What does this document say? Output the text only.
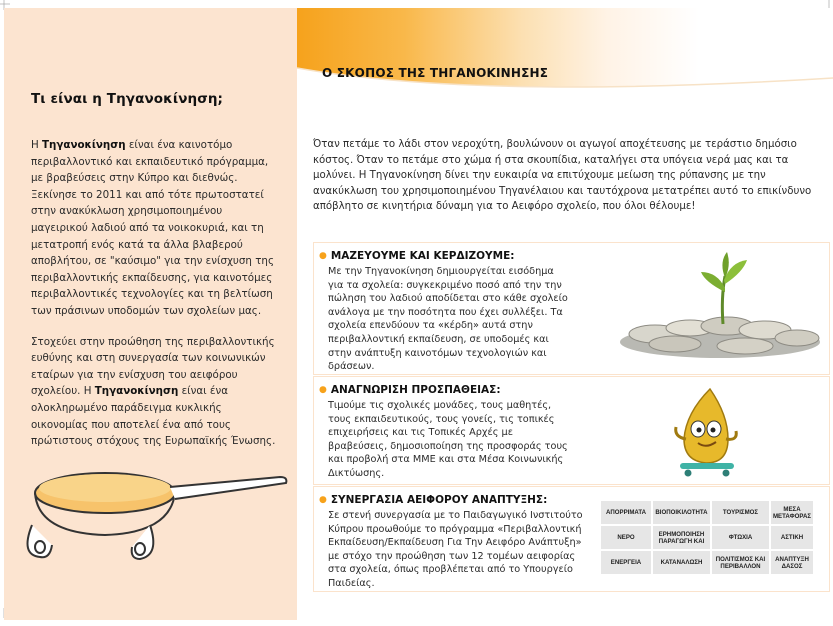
Τι είναι η Τηγανοκίνηση;

Η Τηγανοκίνηση είναι ένα καινοτόμο περιβαλλοντικό και εκπαιδευτικό πρόγραμμα, με βραβεύσεις στην Κύπρο και διεθνώς. Ξεκίνησε το 2011 και από τότε πρωτοστατεί στην ανακύκλωση χρησιμοποιημένου μαγειρικού λαδιού από τα νοικοκυριά, και τη μετατροπή ενός κατά τα άλλα βλαβερού αποβλήτου, σε "καύσιμο" για την ενίσχυση της περιβαλλοντικής εκπαίδευσης, για καινοτόμες περιβαλλοντικές τεχνολογίες και τη βελτίωση των πράσινων υποδομών των σχολείων μας.

Στοχεύει στην προώθηση της περιβαλλοντικής ευθύνης και στη συνεργασία των κοινωνικών εταίρων για την ενίσχυση του αειφόρου σχολείου. Η Τηγανοκίνηση είναι ένα ολοκληρωμένο παράδειγμα κυκλικής οικονομίας που αποτελεί ένα από τους πρώτιστους στόχους της Ευρωπαϊκής Ένωσης.

Ο ΣΚΟΠΟΣ ΤΗΣ ΤΗΓΑΝΟΚΙΝΗΣΗΣ
Όταν πετάμε το λάδι στον νεροχύτη, βουλώνουν οι αγωγοί αποχέτευσης με τεράστιο δημόσιο κόστος. Όταν το πετάμε στο χώμα ή στα σκουπίδια, καταλήγει στα υπόγεια νερά μας και τα μολύνει. Η Τηγανοκίνηση δίνει την ευκαιρία να επιτύχουμε μείωση της ρύπανσης με την ανακύκλωση του χρησιμοποιημένου Τηγανέλαιου και ταυτόχρονα μετατρέπει αυτό το επικίνδυνο απόβλητο σε κινητήρια δύναμη για το Αειφόρο σχολείο, που όλοι θέλουμε!
● ΜΑΖΕΥΟΥΜΕ ΚΑΙ ΚΕΡΔΙΖΟΥΜΕ:
Με την Τηγανοκίνηση δημιουργείται εισόδημα για τα σχολεία: συγκεκριμένο ποσό από την την πώληση του λαδιού αποδίδεται στο κάθε σχολείο ανάλογα με την ποσότητα που έχει συλλέξει. Τα σχολεία επενδύουν τα «κέρδη» αυτά στην περιβαλλοντική εκπαίδευση, σε υποδομές και στην ανάπτυξη καινοτόμων τεχνολογιών και δράσεων.
● ΑΝΑΓΝΩΡΙΣΗ ΠΡΟΣΠΑΘΕΙΑΣ:
Τιμούμε τις σχολικές μονάδες, τους μαθητές, τους εκπαιδευτικούς, τους γονείς, τις τοπικές επιχειρήσεις και τις Τοπικές Αρχές με βραβεύσεις, δημοσιοποίηση της προσφοράς τους και προβολή στα ΜΜΕ και στα Μέσα Κοινωνικής Δικτύωσης.
● ΣΥΝΕΡΓΑΣΙΑ ΑΕΙΦΟΡΟΥ ΑΝΑΠΤΥΞΗΣ:
Σε στενή συνεργασία με το Παιδαγωγικό Ινστιτούτο Κύπρου προωθούμε το πρόγραμμα «Περιβαλλοντική Εκπαίδευση/Εκπαίδευση Για Την Αειφόρο Ανάπτυξη» με στόχο την προώθηση των 12 τομέων αειφορίας στα σχολεία, όπως προβλέπεται από το Υπουργείο Παιδείας.
ΑΠΟΡΡΙΜΑΤΑ	ΒΙΟΠΟΙΚΙΛΟΤΗΤΑ	ΤΟΥΡΙΣΜΟΣ	ΜΕΣΑ ΜΕΤΑΦΟΡΑΣ
ΝΕΡΟ	ΕΡΗΜΟΠΟΙΗΣΗ ΠΑΡΑΓΩΓΗ ΚΑΙ	ΦΤΩΧΙΑ	ΑΣΤΙΚΗ
ΕΝΕΡΓΕΙΑ	ΚΑΤΑΝΑΛΩΣΗ	ΠΟΛΙΤΙΣΜΟΣ ΚΑΙ ΠΕΡΙΒΑΛΛΟΝ	ΑΝΑΠΤΥΞΗ ΔΑΣΟΣ
